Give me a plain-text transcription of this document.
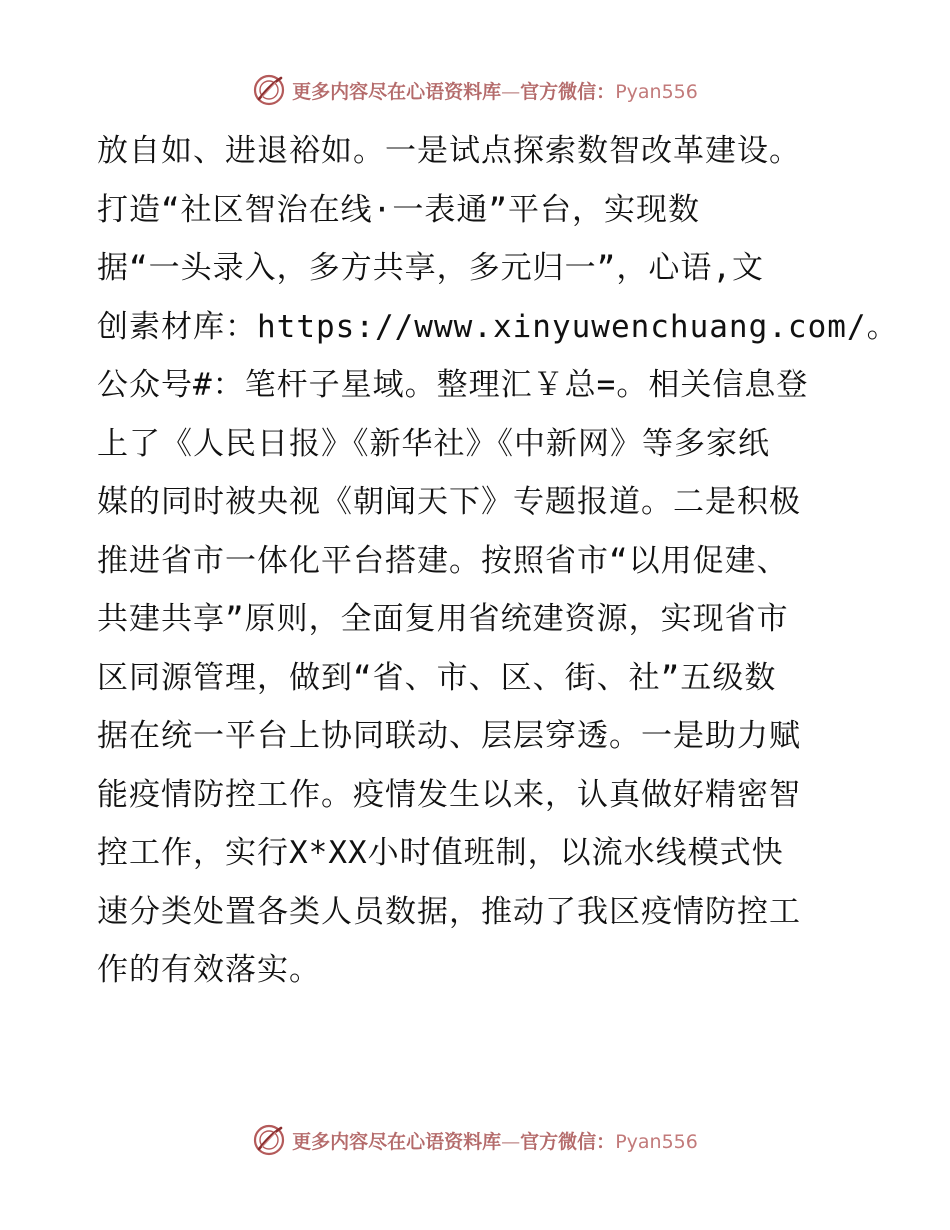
更多内容尽在心语资料库—官方微信：Pyan556
放自如、进退裕如。一是试点探索数智改革建设。
打造“社区智治在线·一表通”平台，实现数
据“一头录入，多方共享，多元归一”，心语,文
创素材库：https://www.xinyuwenchuang.com/。
公众号#：笔杆子星域。整理汇￥总=。相关信息登
上了《人民日报》《新华社》《中新网》等多家纸
媒的同时被央视《朝闻天下》专题报道。二是积极
推进省市一体化平台搭建。按照省市“以用促建、
共建共享”原则，全面复用省统建资源，实现省市
区同源管理，做到“省、市、区、街、社”五级数
据在统一平台上协同联动、层层穿透。一是助力赋
能疫情防控工作。疫情发生以来，认真做好精密智
控工作，实行X*XX小时值班制，以流水线模式快
速分类处置各类人员数据，推动了我区疫情防控工
作的有效落实。
更多内容尽在心语资料库—官方微信：Pyan556
